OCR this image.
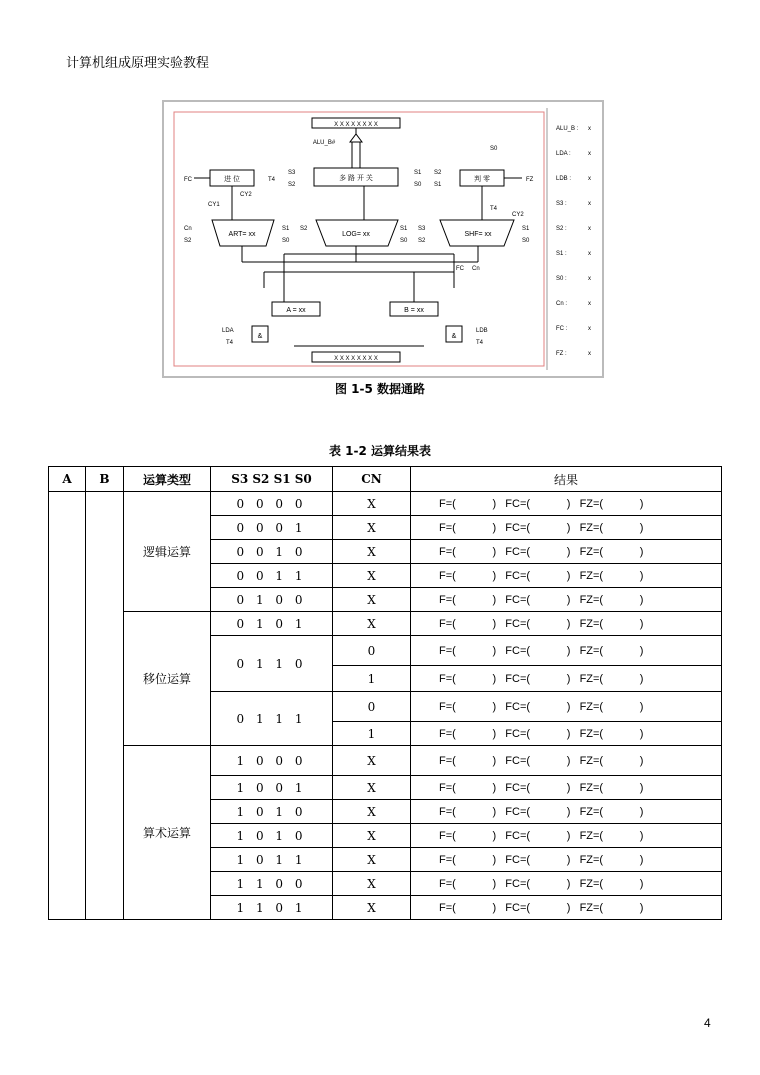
计算机组成原理实验教程
X X X X X X X X
ALU_B#
多 路 开 关
进 位	判 零	FZ
FC	T4
S3
S2
S1
S0
S2
S1
S0
CY1
CY2
T4
CY2
ART= xx	LOG= xx	SHF= xx
Cn
S2
S1
S0
S2	S1
S0
S3
S2
S1
S0
FC Cn
A = xx	B = xx
&	&
LDA
T4
LDB
T4
X X X X X X X X
ALU_B : x
LDA :	x
LDB :	x
S3 :	x
S2 :	x
S1 :	x
S0 :	x
Cn :	x
FC :	x
FZ :	x
图 1-5 数据通路
表 1-2 运算结果表
A	B	运算类型	S3 S2 S1 S0	CN	结果
		逻辑运算	0 0 0 0	X	F=(            )   FC=(            )   FZ=(            )
			0 0 0 1	X	F=(            )   FC=(            )   FZ=(            )
			0 0 1 0	X	F=(            )   FC=(            )   FZ=(            )
			0 0 1 1	X	F=(            )   FC=(            )   FZ=(            )
			0 1 0 0	X	F=(            )   FC=(            )   FZ=(            )
		移位运算	0 1 0 1	X	F=(            )   FC=(            )   FZ=(            )
			0 1 1 0	0	F=(            )   FC=(            )   FZ=(            )
				1	F=(            )   FC=(            )   FZ=(            )
			0 1 1 1	0	F=(            )   FC=(            )   FZ=(            )
				1	F=(            )   FC=(            )   FZ=(            )
		算术运算	1 0 0 0	X	F=(            )   FC=(            )   FZ=(            )
			1 0 0 1	X	F=(            )   FC=(            )   FZ=(            )
			1 0 1 0	X	F=(            )   FC=(            )   FZ=(            )
			1 0 1 0	X	F=(            )   FC=(            )   FZ=(            )
			1 0 1 1	X	F=(            )   FC=(            )   FZ=(            )
			1 1 0 0	X	F=(            )   FC=(            )   FZ=(            )
			1 1 0 1	X	F=(            )   FC=(            )   FZ=(            )
4
